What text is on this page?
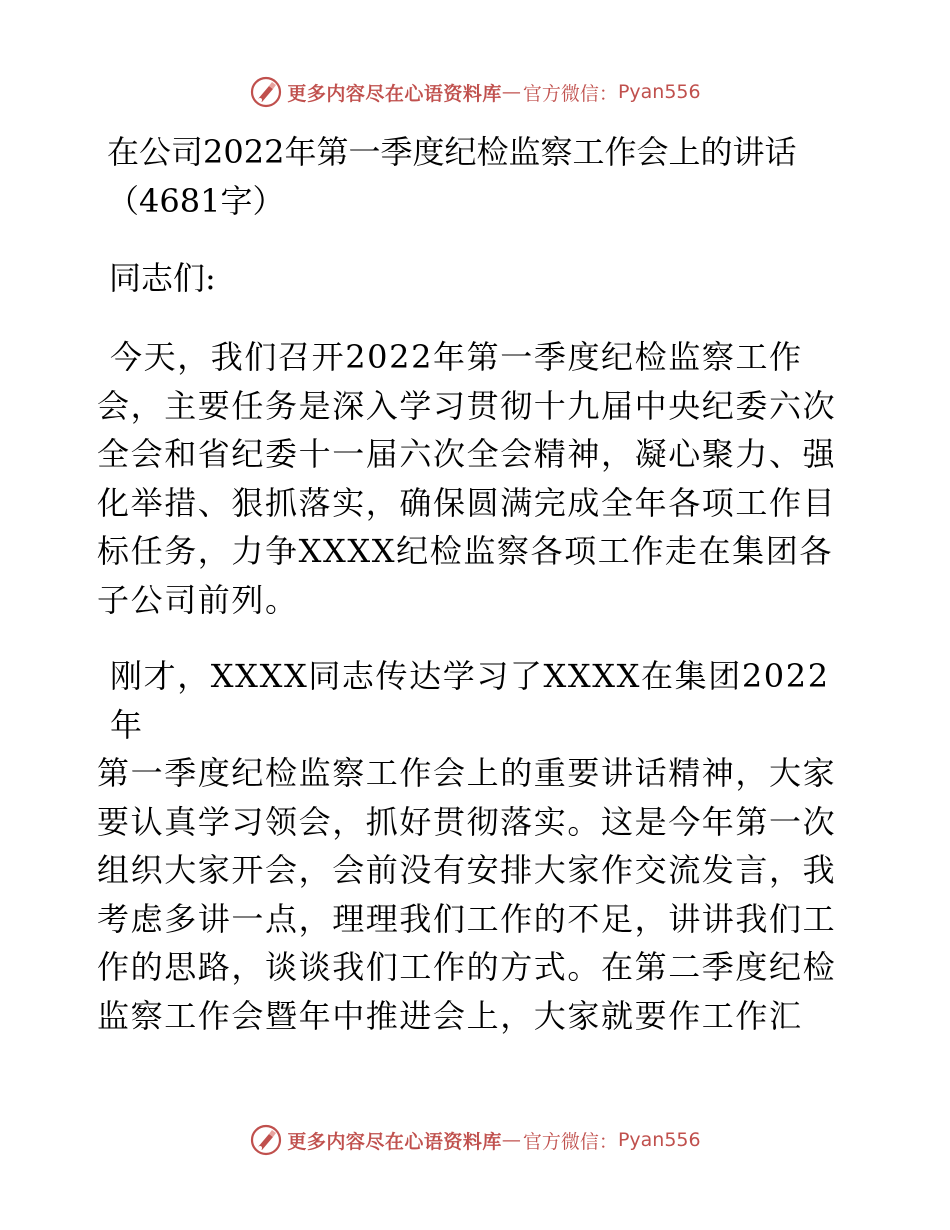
更多内容尽在心语资料库 — 官方微信： Pyan556
在公司2022年第一季度纪检监察工作会上的讲话
（4681字）
同志们:
今天，我们召开2022年第一季度纪检监察工作
会，主要任务是深入学习贯彻十九届中央纪委六次
全会和省纪委十一届六次全会精神，凝心聚力、强
化举措、狠抓落实，确保圆满完成全年各项工作目
标任务，力争XXXX纪检监察各项工作走在集团各
子公司前列。
刚才，XXXX同志传达学习了XXXX在集团2022年
第一季度纪检监察工作会上的重要讲话精神，大家
要认真学习领会，抓好贯彻落实。这是今年第一次
组织大家开会，会前没有安排大家作交流发言，我
考虑多讲一点，理理我们工作的不足，讲讲我们工
作的思路，谈谈我们工作的方式。在第二季度纪检
监察工作会暨年中推进会上，大家就要作工作汇
更多内容尽在心语资料库 — 官方微信： Pyan556
